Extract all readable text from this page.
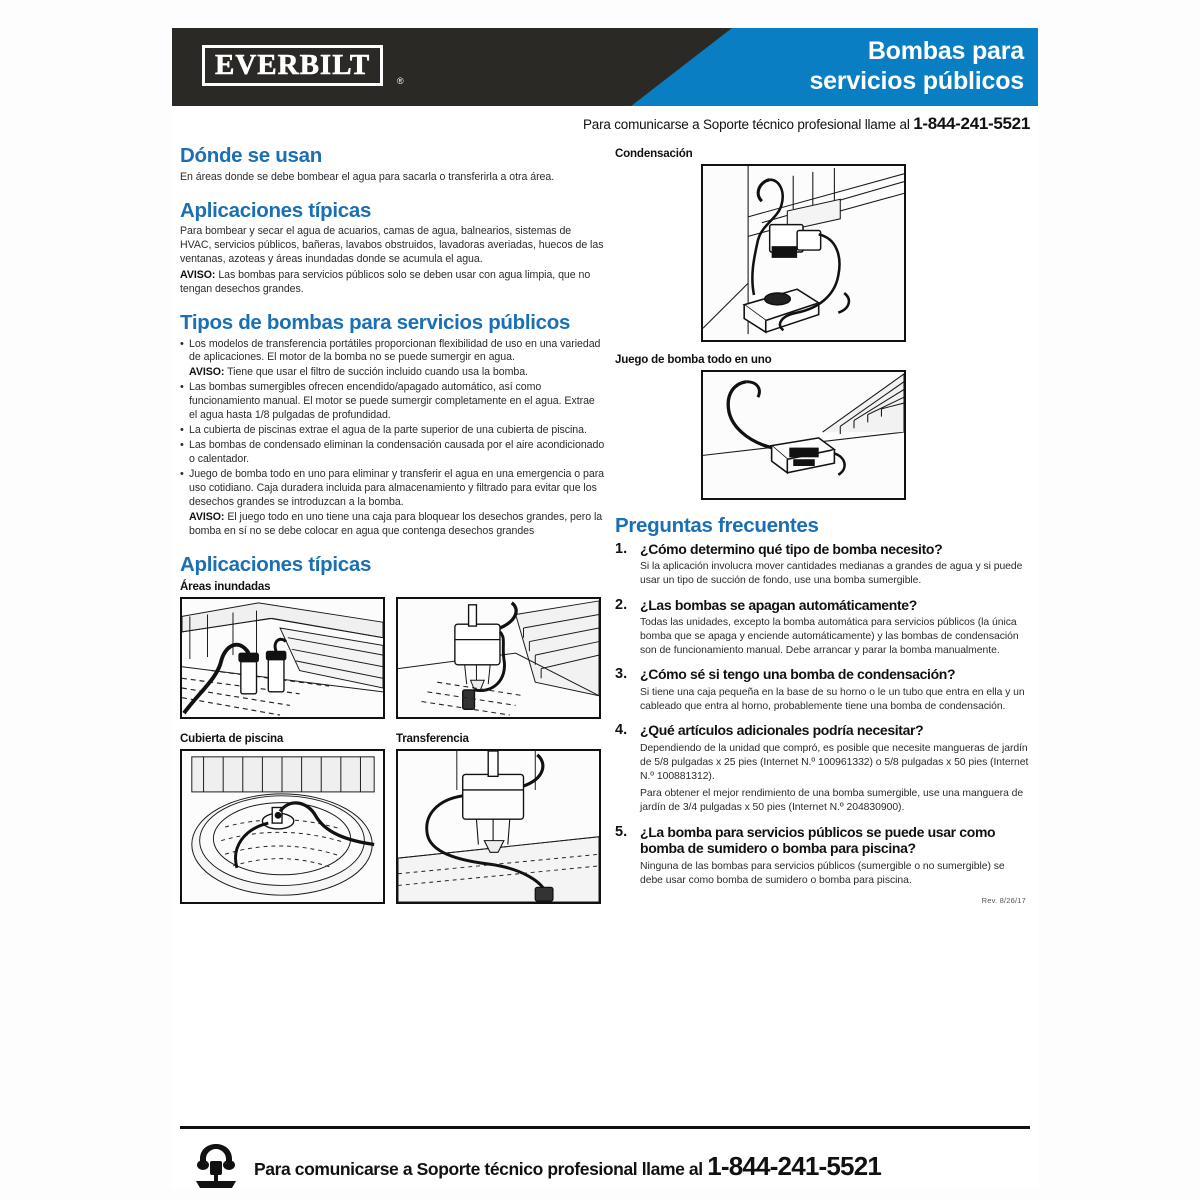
EVERBILT	®
Bombas para
servicios públicos
Para comunicarse a Soporte técnico profesional llame al 1-844-241-5521
Dónde se usan

En áreas donde se debe bombear el agua para sacarla o transferirla a otra área.

Aplicaciones típicas

Para bombear y secar el agua de acuarios, camas de agua, balnearios, sistemas de HVAC, servicios públicos, bañeras, lavabos obstruidos, lavadoras averiadas, huecos de las ventanas, azoteas y áreas inundadas donde se acumula el agua.

AVISO: Las bombas para servicios públicos solo se deben usar con agua limpia, que no tengan desechos grandes.

Tipos de bombas para servicios públicos
• Los modelos de transferencia portátiles proporcionan flexibilidad de uso en una variedad de aplicaciones. El motor de la bomba no se puede sumergir en agua.
AVISO: Tiene que usar el filtro de succión incluido cuando usa la bomba.
• Las bombas sumergibles ofrecen encendido/apagado automático, así como funcionamiento manual. El motor se puede sumergir completamente en el agua. Extrae el agua hasta 1/8 pulgadas de profundidad.
• La cubierta de piscinas extrae el agua de la parte superior de una cubierta de piscina.
• Las bombas de condensado eliminan la condensación causada por el aire acondicionado o calentador.
• Juego de bomba todo en uno para eliminar y transferir el agua en una emergencia o para uso cotidiano. Caja duradera incluida para almacenamiento y filtrado para evitar que los desechos grandes se introduzcan a la bomba.
AVISO: El juego todo en uno tiene una caja para bloquear los desechos grandes, pero la bomba en sí no se debe colocar en agua que contenga desechos grandes
Aplicaciones típicas
Áreas inundadas
Cubierta de piscina	Transferencia
Condensación
Juego de bomba todo en uno
Preguntas frecuentes
¿Cómo determino qué tipo de bomba necesito?
Si la aplicación involucra mover cantidades medianas a grandes de agua y si puede usar un tipo de succión de fondo, use una bomba sumergible.
¿Las bombas se apagan automáticamente?
Todas las unidades, excepto la bomba automática para servicios públicos (la única bomba que se apaga y enciende automáticamente) y las bombas de condensación son de funcionamiento manual. Debe arrancar y parar la bomba manualmente.
¿Cómo sé si tengo una bomba de condensación?
Si tiene una caja pequeña en la base de su horno o le un tubo que entra en ella y un cableado que entra al horno, probablemente tiene una bomba de condensación.
¿Qué artículos adicionales podría necesitar?
Dependiendo de la unidad que compró, es posible que necesite mangueras de jardín de 5/8 pulgadas x 25 pies (Internet N.º 100961332) o 5/8 pulgadas x 50 pies (Internet N.º 100881312).
Para obtener el mejor rendimiento de una bomba sumergible, use una manguera de jardín de 3/4 pulgadas x 50 pies (Internet N.º 204830900).
¿La bomba para servicios públicos se puede usar como bomba de sumidero o bomba para piscina?
Ninguna de las bombas para servicios públicos (sumergible o no sumergible) se debe usar como bomba de sumidero o bomba para piscina.
Rev. 8/26/17
Para comunicarse a Soporte técnico profesional llame al 1-844-241-5521
